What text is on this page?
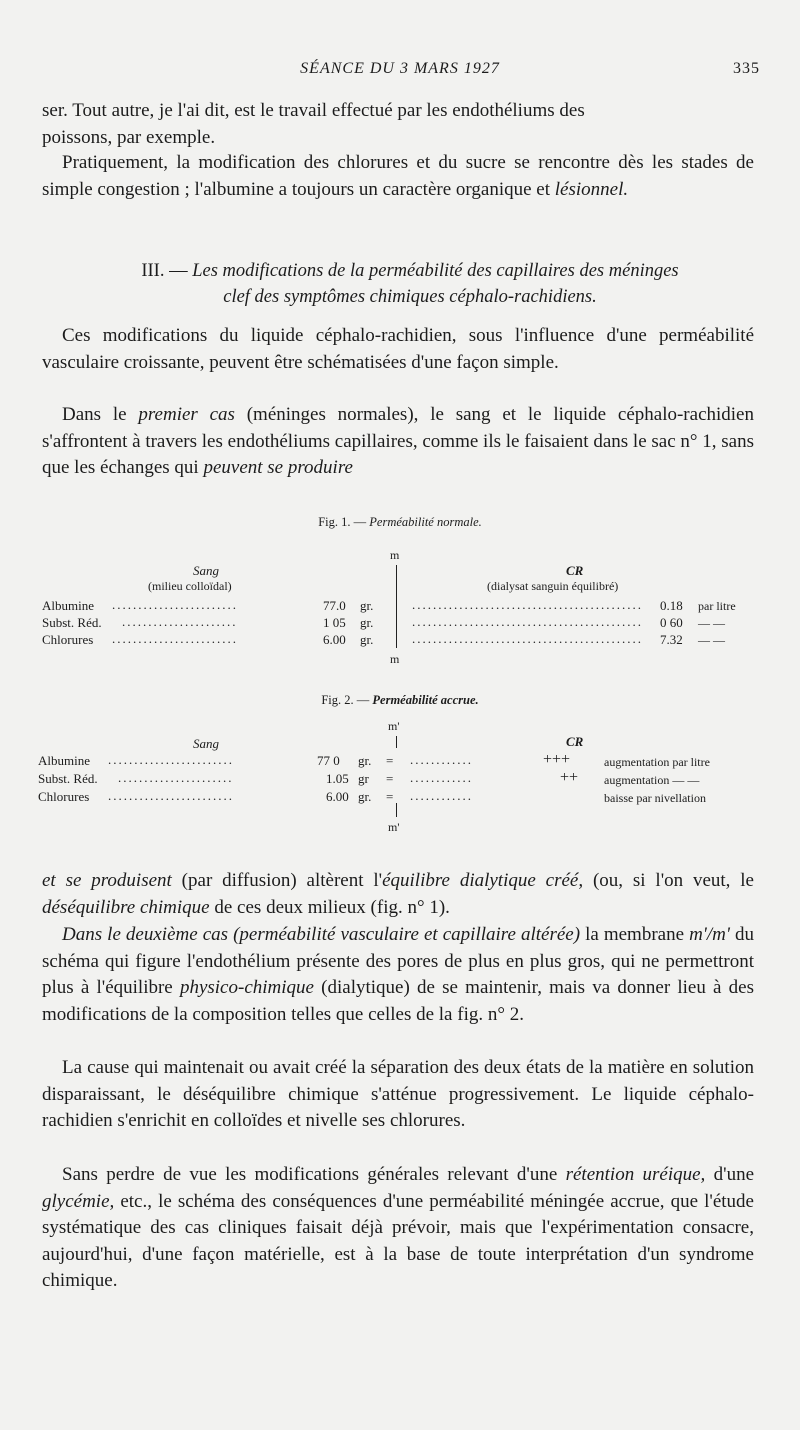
SÉANCE DU 3 MARS 1927	335

ser. Tout autre, je l'ai dit, est le travail effectué par les endothéliums des
poissons, par exemple.

Pratiquement, la modification des chlorures et du sucre se rencontre dès les stades de simple congestion ; l'albumine a toujours un caractère organique et lésionnel.

III. — Les modifications de la perméabilité des capillaires des méninges
clef des symptômes chimiques céphalo-rachidiens.

Ces modifications du liquide céphalo-rachidien, sous l'influence d'une perméabilité vasculaire croissante, peuvent être schématisées d'une façon simple.

Dans le premier cas (méninges normales), le sang et le liquide céphalo-rachidien s'affrontent à travers les endothéliums capillaires, comme ils le faisaient dans le sac n° 1, sans que les échanges qui peuvent se produire

Fig. 1. — Perméabilité normale.
m
m
Sang
(milieu colloïdal)
CR
(dialysat sanguin équilibré)
Albumine ........................	77.0 gr.	............................................ 0.18 par litre
Subst. Réd. ......................	1 05 gr.	............................................ 0 60 — —
Chlorures ........................	6.00 gr.	............................................ 7.32 — —
Fig. 2. — Perméabilité accrue.
m'
m'
Sang	CR
Albumine ........................	77 0 gr. = ............	+++	augmentation par litre
Subst. Réd. ......................	1.05 gr = ............	++ augmentation — —
Chlorures ........................	6.00 gr. = ............	baisse par nivellation

et se produisent (par diffusion) altèrent l'équilibre dialytique créé, (ou, si l'on veut, le déséquilibre chimique de ces deux milieux (fig. n° 1).

Dans le deuxième cas (perméabilité vasculaire et capillaire altérée) la membrane m'/m' du schéma qui figure l'endothélium présente des pores de plus en plus gros, qui ne permettront plus à l'équilibre physico-chimique (dialytique) de se maintenir, mais va donner lieu à des modifications de la composition telles que celles de la fig. n° 2.

La cause qui maintenait ou avait créé la séparation des deux états de la matière en solution disparaissant, le déséquilibre chimique s'atténue progressivement. Le liquide céphalo-rachidien s'enrichit en colloïdes et nivelle ses chlorures.

Sans perdre de vue les modifications générales relevant d'une rétention uréique, d'une glycémie, etc., le schéma des conséquences d'une perméabilité méningée accrue, que l'étude systématique des cas cliniques faisait déjà prévoir, mais que l'expérimentation consacre, aujourd'hui, d'une façon matérielle, est à la base de toute interprétation d'un syndrome chimique.
